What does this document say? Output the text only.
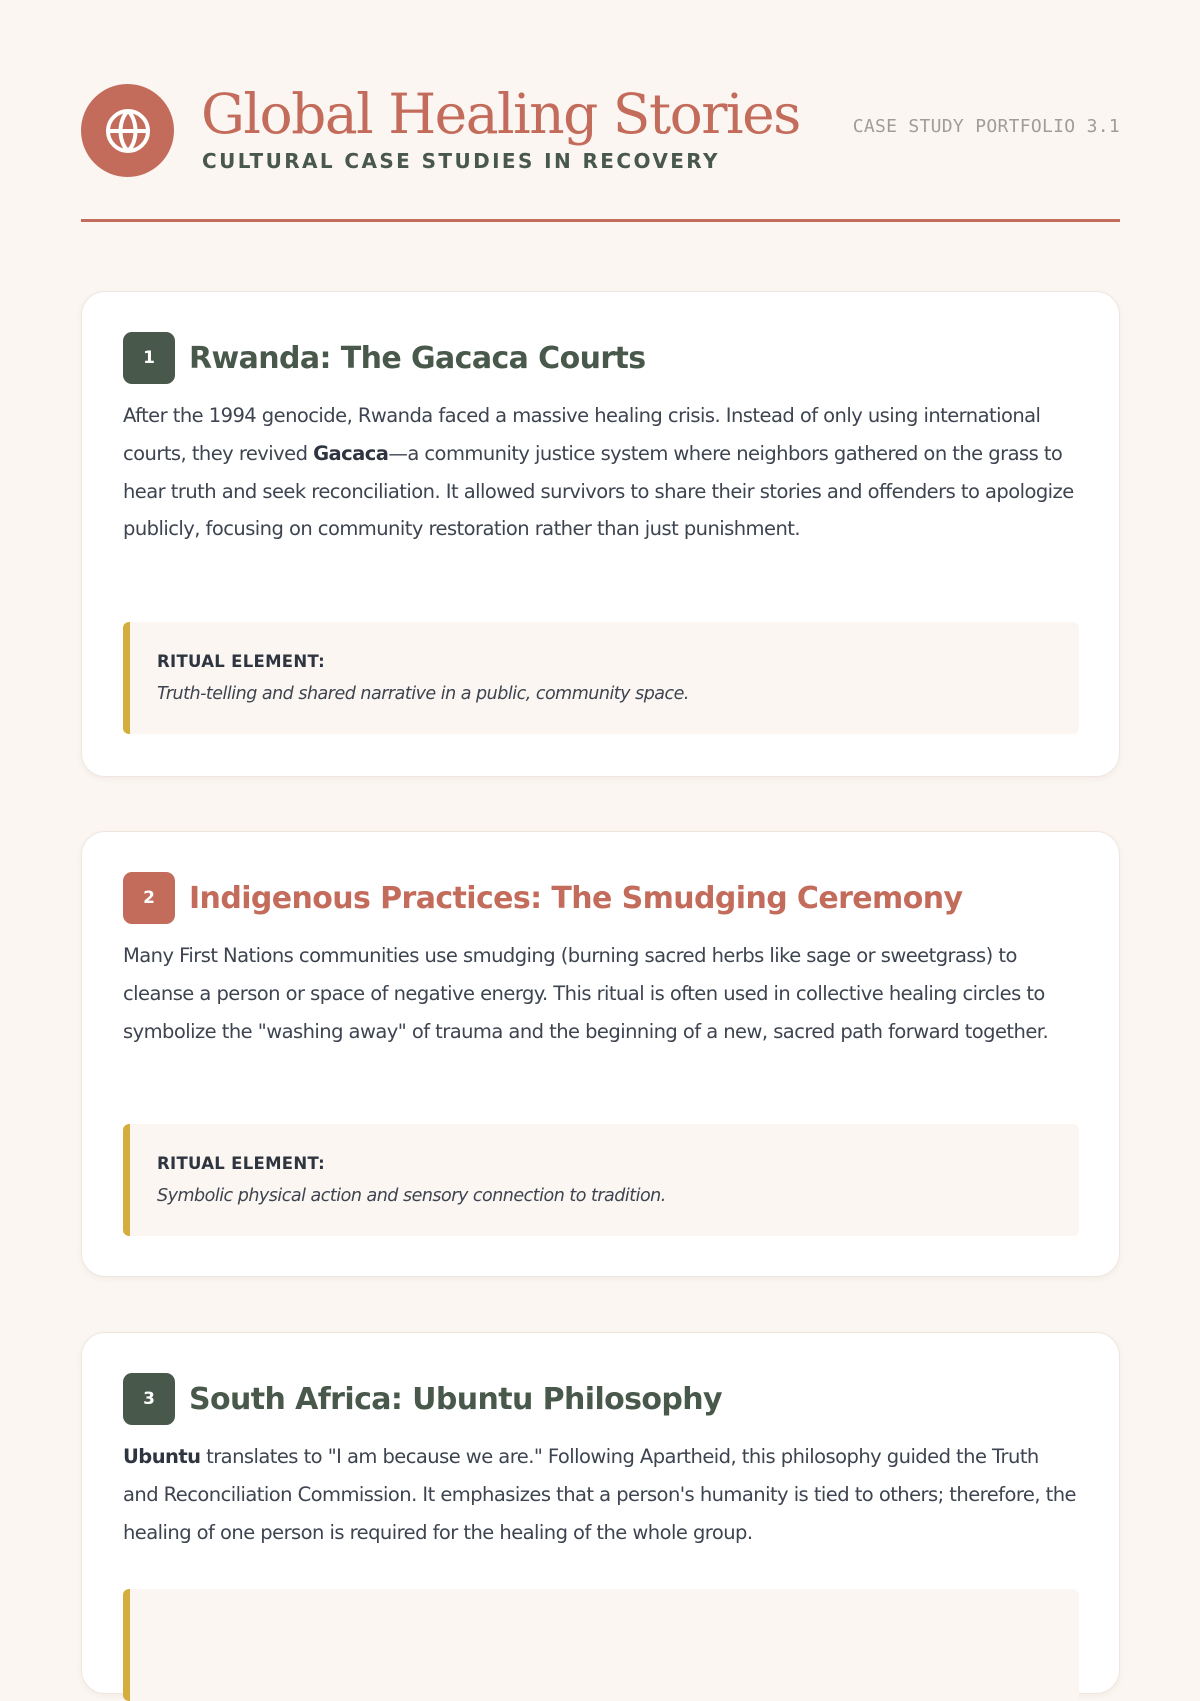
Global Healing Stories
CULTURAL CASE STUDIES IN RECOVERY
CASE STUDY PORTFOLIO 3.1
1	Rwanda: The Gacaca Courts
After the 1994 genocide, Rwanda faced a massive healing crisis. Instead of only using international courts, they revived Gacaca—a community justice system where neighbors gathered on the grass to hear truth and seek reconciliation. It allowed survivors to share their stories and offenders to apologize publicly, focusing on community restoration rather than just punishment.
RITUAL ELEMENT:
Truth-telling and shared narrative in a public, community space.
2	Indigenous Practices: The Smudging Ceremony
Many First Nations communities use smudging (burning sacred herbs like sage or sweetgrass) to cleanse a person or space of negative energy. This ritual is often used in collective healing circles to symbolize the "washing away" of trauma and the beginning of a new, sacred path forward together.
RITUAL ELEMENT:
Symbolic physical action and sensory connection to tradition.
3	South Africa: Ubuntu Philosophy
Ubuntu translates to "I am because we are." Following Apartheid, this philosophy guided the Truth and Reconciliation Commission. It emphasizes that a person's humanity is tied to others; therefore, the healing of one person is required for the healing of the whole group.
